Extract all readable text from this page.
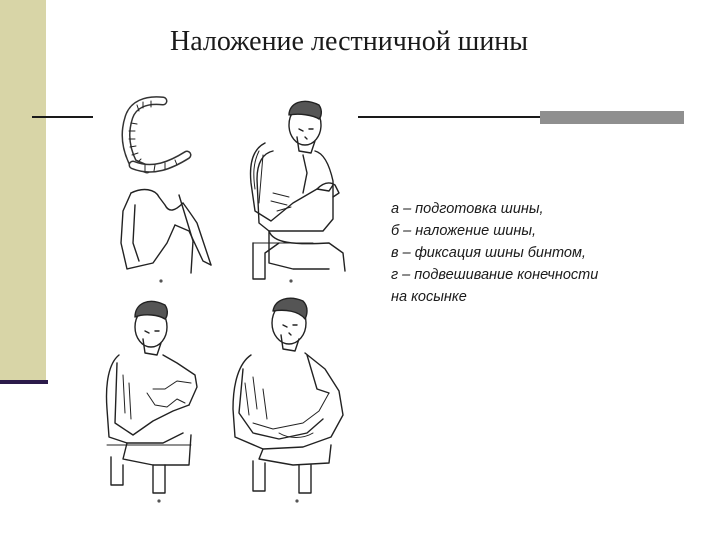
Наложение лестничной шины
а – подготовка шины,
б – наложение шины,
в – фиксация шины бинтом,
г – подвешивание конечности
на косынке
